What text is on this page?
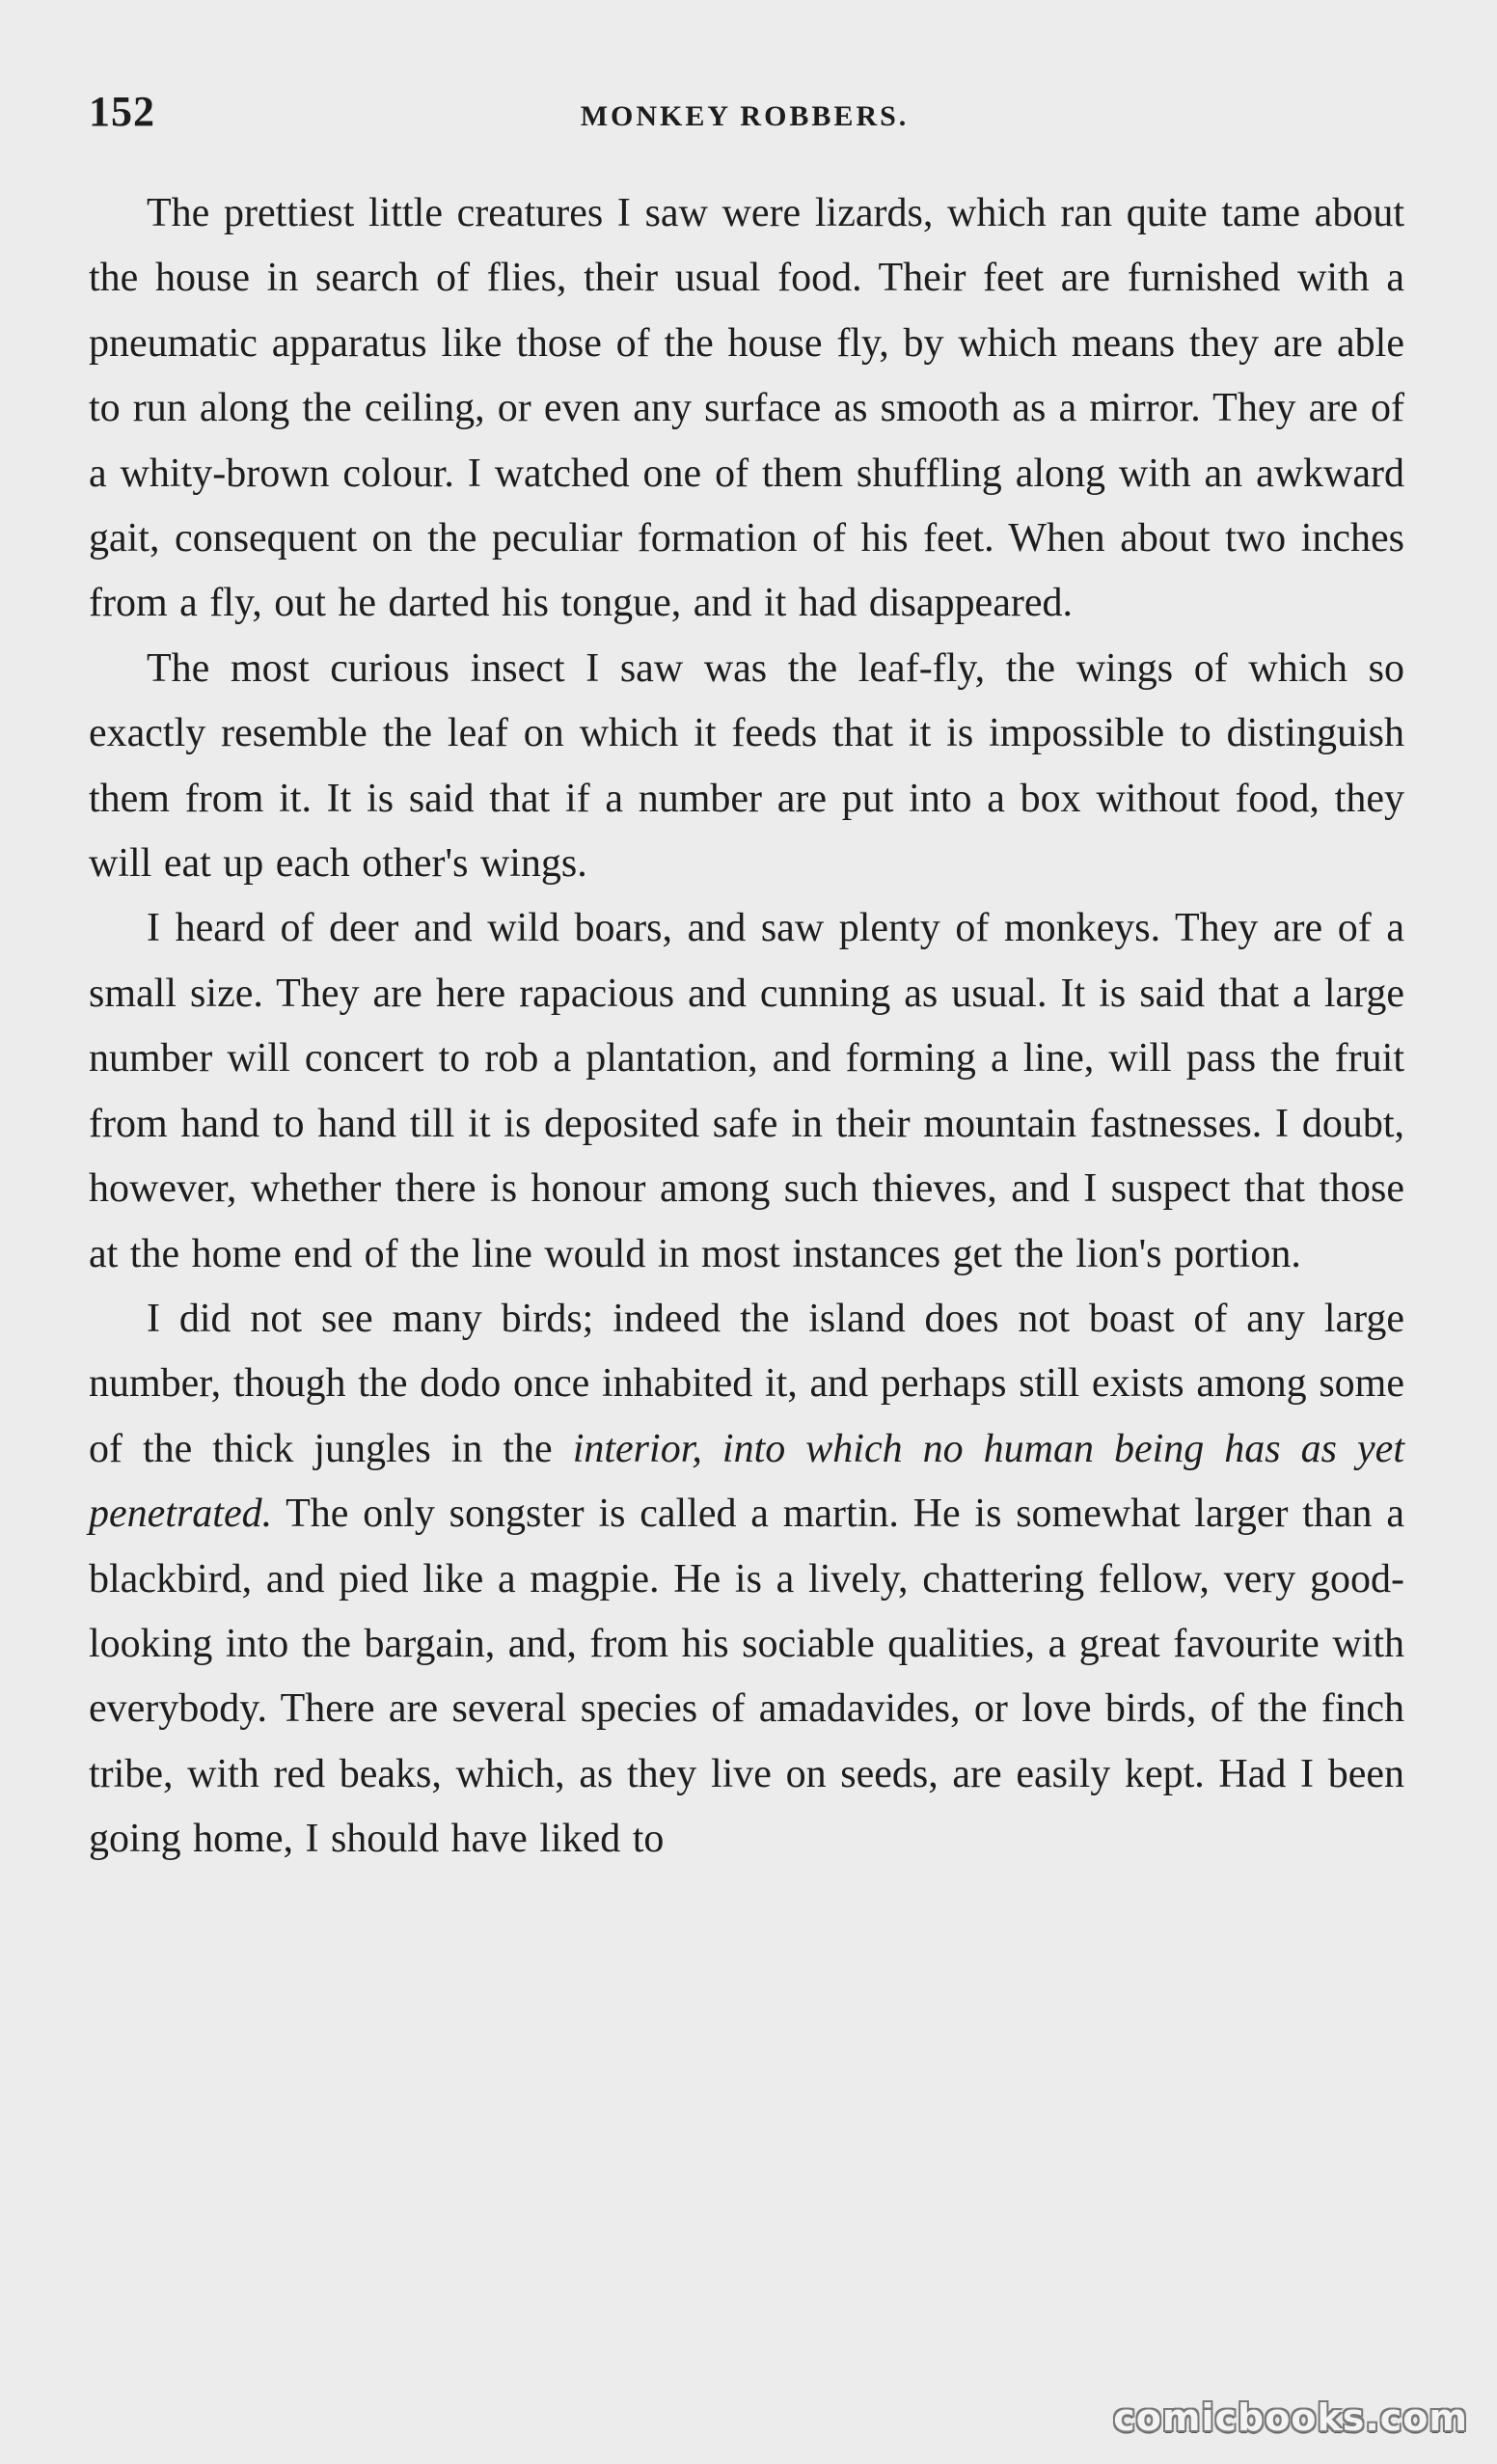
152	MONKEY ROBBERS.

The prettiest little creatures I saw were lizards, which ran quite tame about the house in search of flies, their usual food. Their feet are furnished with a pneumatic apparatus like those of the house fly, by which means they are able to run along the ceiling, or even any surface as smooth as a mirror. They are of a whity-brown colour. I watched one of them shuffling along with an awkward gait, consequent on the peculiar formation of his feet. When about two inches from a fly, out he darted his tongue, and it had disappeared.

The most curious insect I saw was the leaf-fly, the wings of which so exactly resemble the leaf on which it feeds that it is impossible to distinguish them from it. It is said that if a number are put into a box without food, they will eat up each other's wings.

I heard of deer and wild boars, and saw plenty of monkeys. They are of a small size. They are here rapacious and cunning as usual. It is said that a large number will concert to rob a plantation, and forming a line, will pass the fruit from hand to hand till it is deposited safe in their mountain fastnesses. I doubt, however, whether there is honour among such thieves, and I suspect that those at the home end of the line would in most instances get the lion's portion.

I did not see many birds; indeed the island does not boast of any large number, though the dodo once inhabited it, and perhaps still exists among some of the thick jungles in the interior, into which no human being has as yet penetrated. The only songster is called a martin. He is somewhat larger than a blackbird, and pied like a magpie. He is a lively, chattering fellow, very good-looking into the bargain, and, from his sociable qualities, a great favourite with everybody. There are several species of amadavides, or love birds, of the finch tribe, with red beaks, which, as they live on seeds, are easily kept. Had I been going home, I should have liked to

comicbooks.com
